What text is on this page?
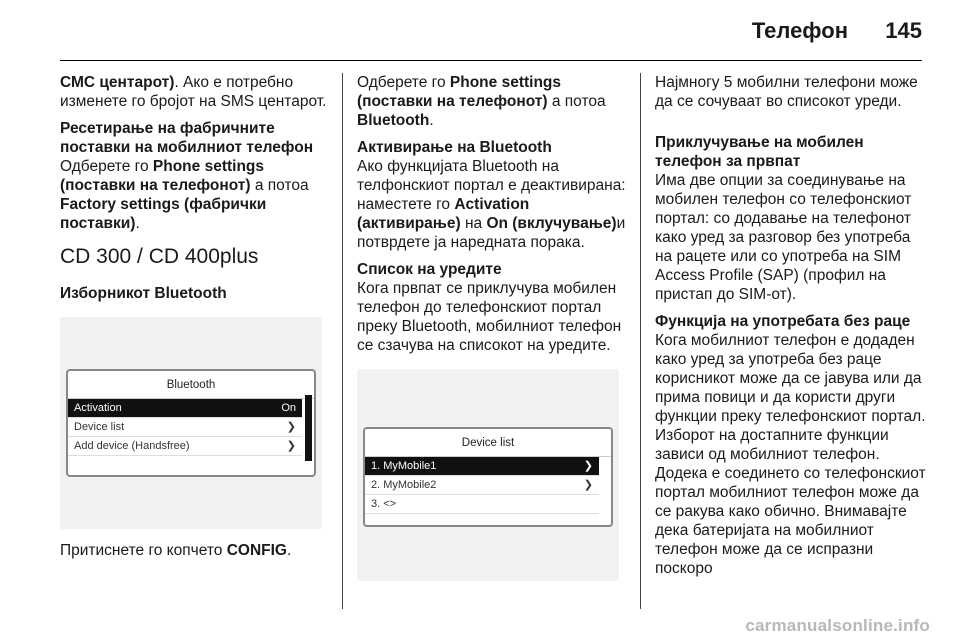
Телефон 145

СМС центарот). Ако е потребно изменете го бројот на SMS центарот.

Ресетирање на фабричните поставки на мобилниот телефон

Одберете го Phone settings (поставки на телефонот) а потоа Factory settings (фабрички поставки).

CD 300 / CD 400plus
Изборникот Bluetooth
Bluetooth
Activation	On
Device list	❯
Add device (Handsfree)	❯

Притиснете го копчето CONFIG.

Одберете го Phone settings (поставки на телефонот) а потоа Bluetooth.

Активирање на Bluetooth

Ако функцијата Bluetooth на телфонскиот портал е деактивирана: наместете го Activation (активирање) на On (вклучување)и потврдете ја наредната порака.

Список на уредите

Кога првпат се приклучува мобилен телефон до телефонскиот портал преку Bluetooth, мобилниот телефон се сзачува на списокот на уредите.

Device list
1. MyMobile1	❯
2. MyMobile2	❯
3. <>

Најмногу 5 мобилни телефони може да се сочуваат во списокот уреди.

Приклучување на мобилен телефон за првпат

Има две опции за соединување на мобилен телефон со телефонскиот портал: со додавање на телефонот како уред за разговор без употреба на рацете или со употреба на SIM Access Profile (SAP) (профил на пристап до SIM-от).

Функција на употребата без раце

Кога мобилниот телефон е додаден како уред за употреба без раце корисникот може да се јавува или да прима повици и да користи други функции преку телефонскиот портал. Изборот на достапните функции зависи од мобилниот телефон. Додека е соединето со телефонскиот портал мобилниот телефон може да се ракува како обично. Внимавајте дека батеријата на мобилниот телефон може да се испразни поскоро

carmanualsonline.info
